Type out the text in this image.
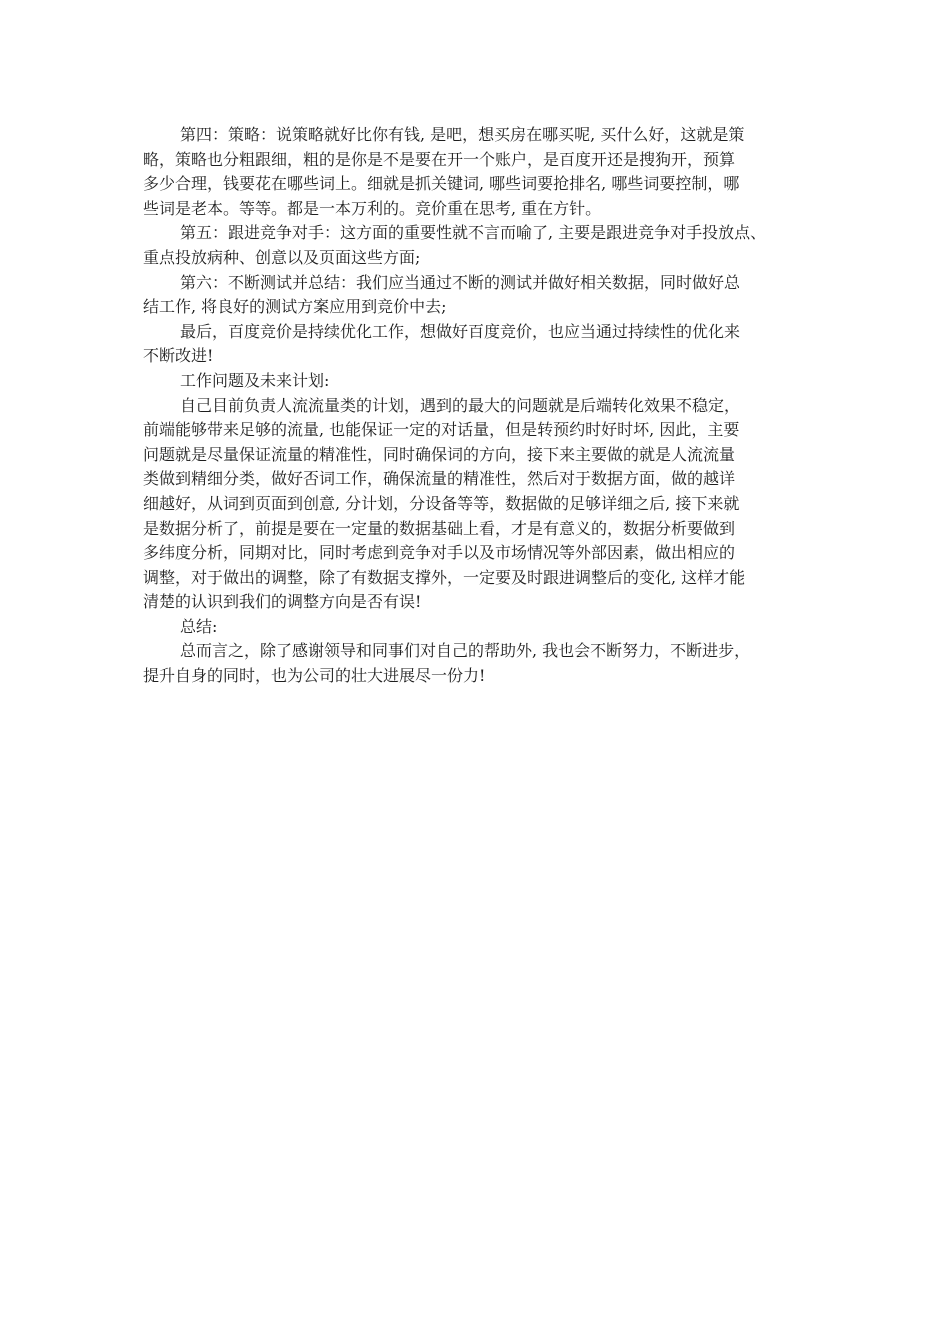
第四：策略：说策略就好比你有钱, 是吧，想买房在哪买呢, 买什么好，这就是策
略，策略也分粗跟细，粗的是你是不是要在开一个账户，是百度开还是搜狗开，预算
多少合理，钱要花在哪些词上。细就是抓关键词, 哪些词要抢排名, 哪些词要控制，哪
些词是老本。等等。都是一本万利的。竞价重在思考, 重在方针。
第五：跟进竞争对手：这方面的重要性就不言而喻了, 主要是跟进竞争对手投放点、
重点投放病种、创意以及页面这些方面;
第六：不断测试并总结：我们应当通过不断的测试并做好相关数据，同时做好总
结工作, 将良好的测试方案应用到竞价中去;
最后，百度竞价是持续优化工作，想做好百度竞价，也应当通过持续性的优化来
不断改进!
工作问题及未来计划:
自己目前负责人流流量类的计划，遇到的最大的问题就是后端转化效果不稳定，
前端能够带来足够的流量, 也能保证一定的对话量，但是转预约时好时坏, 因此，主要
问题就是尽量保证流量的精准性，同时确保词的方向，接下来主要做的就是人流流量
类做到精细分类，做好否词工作，确保流量的精准性，然后对于数据方面，做的越详
细越好，从词到页面到创意, 分计划，分设备等等，数据做的足够详细之后, 接下来就
是数据分析了，前提是要在一定量的数据基础上看，才是有意义的，数据分析要做到
多纬度分析，同期对比，同时考虑到竞争对手以及市场情况等外部因素，做出相应的
调整，对于做出的调整，除了有数据支撑外，一定要及时跟进调整后的变化, 这样才能
清楚的认识到我们的调整方向是否有误!
总结:
总而言之，除了感谢领导和同事们对自己的帮助外, 我也会不断努力，不断进步，
提升自身的同时，也为公司的壮大进展尽一份力!
